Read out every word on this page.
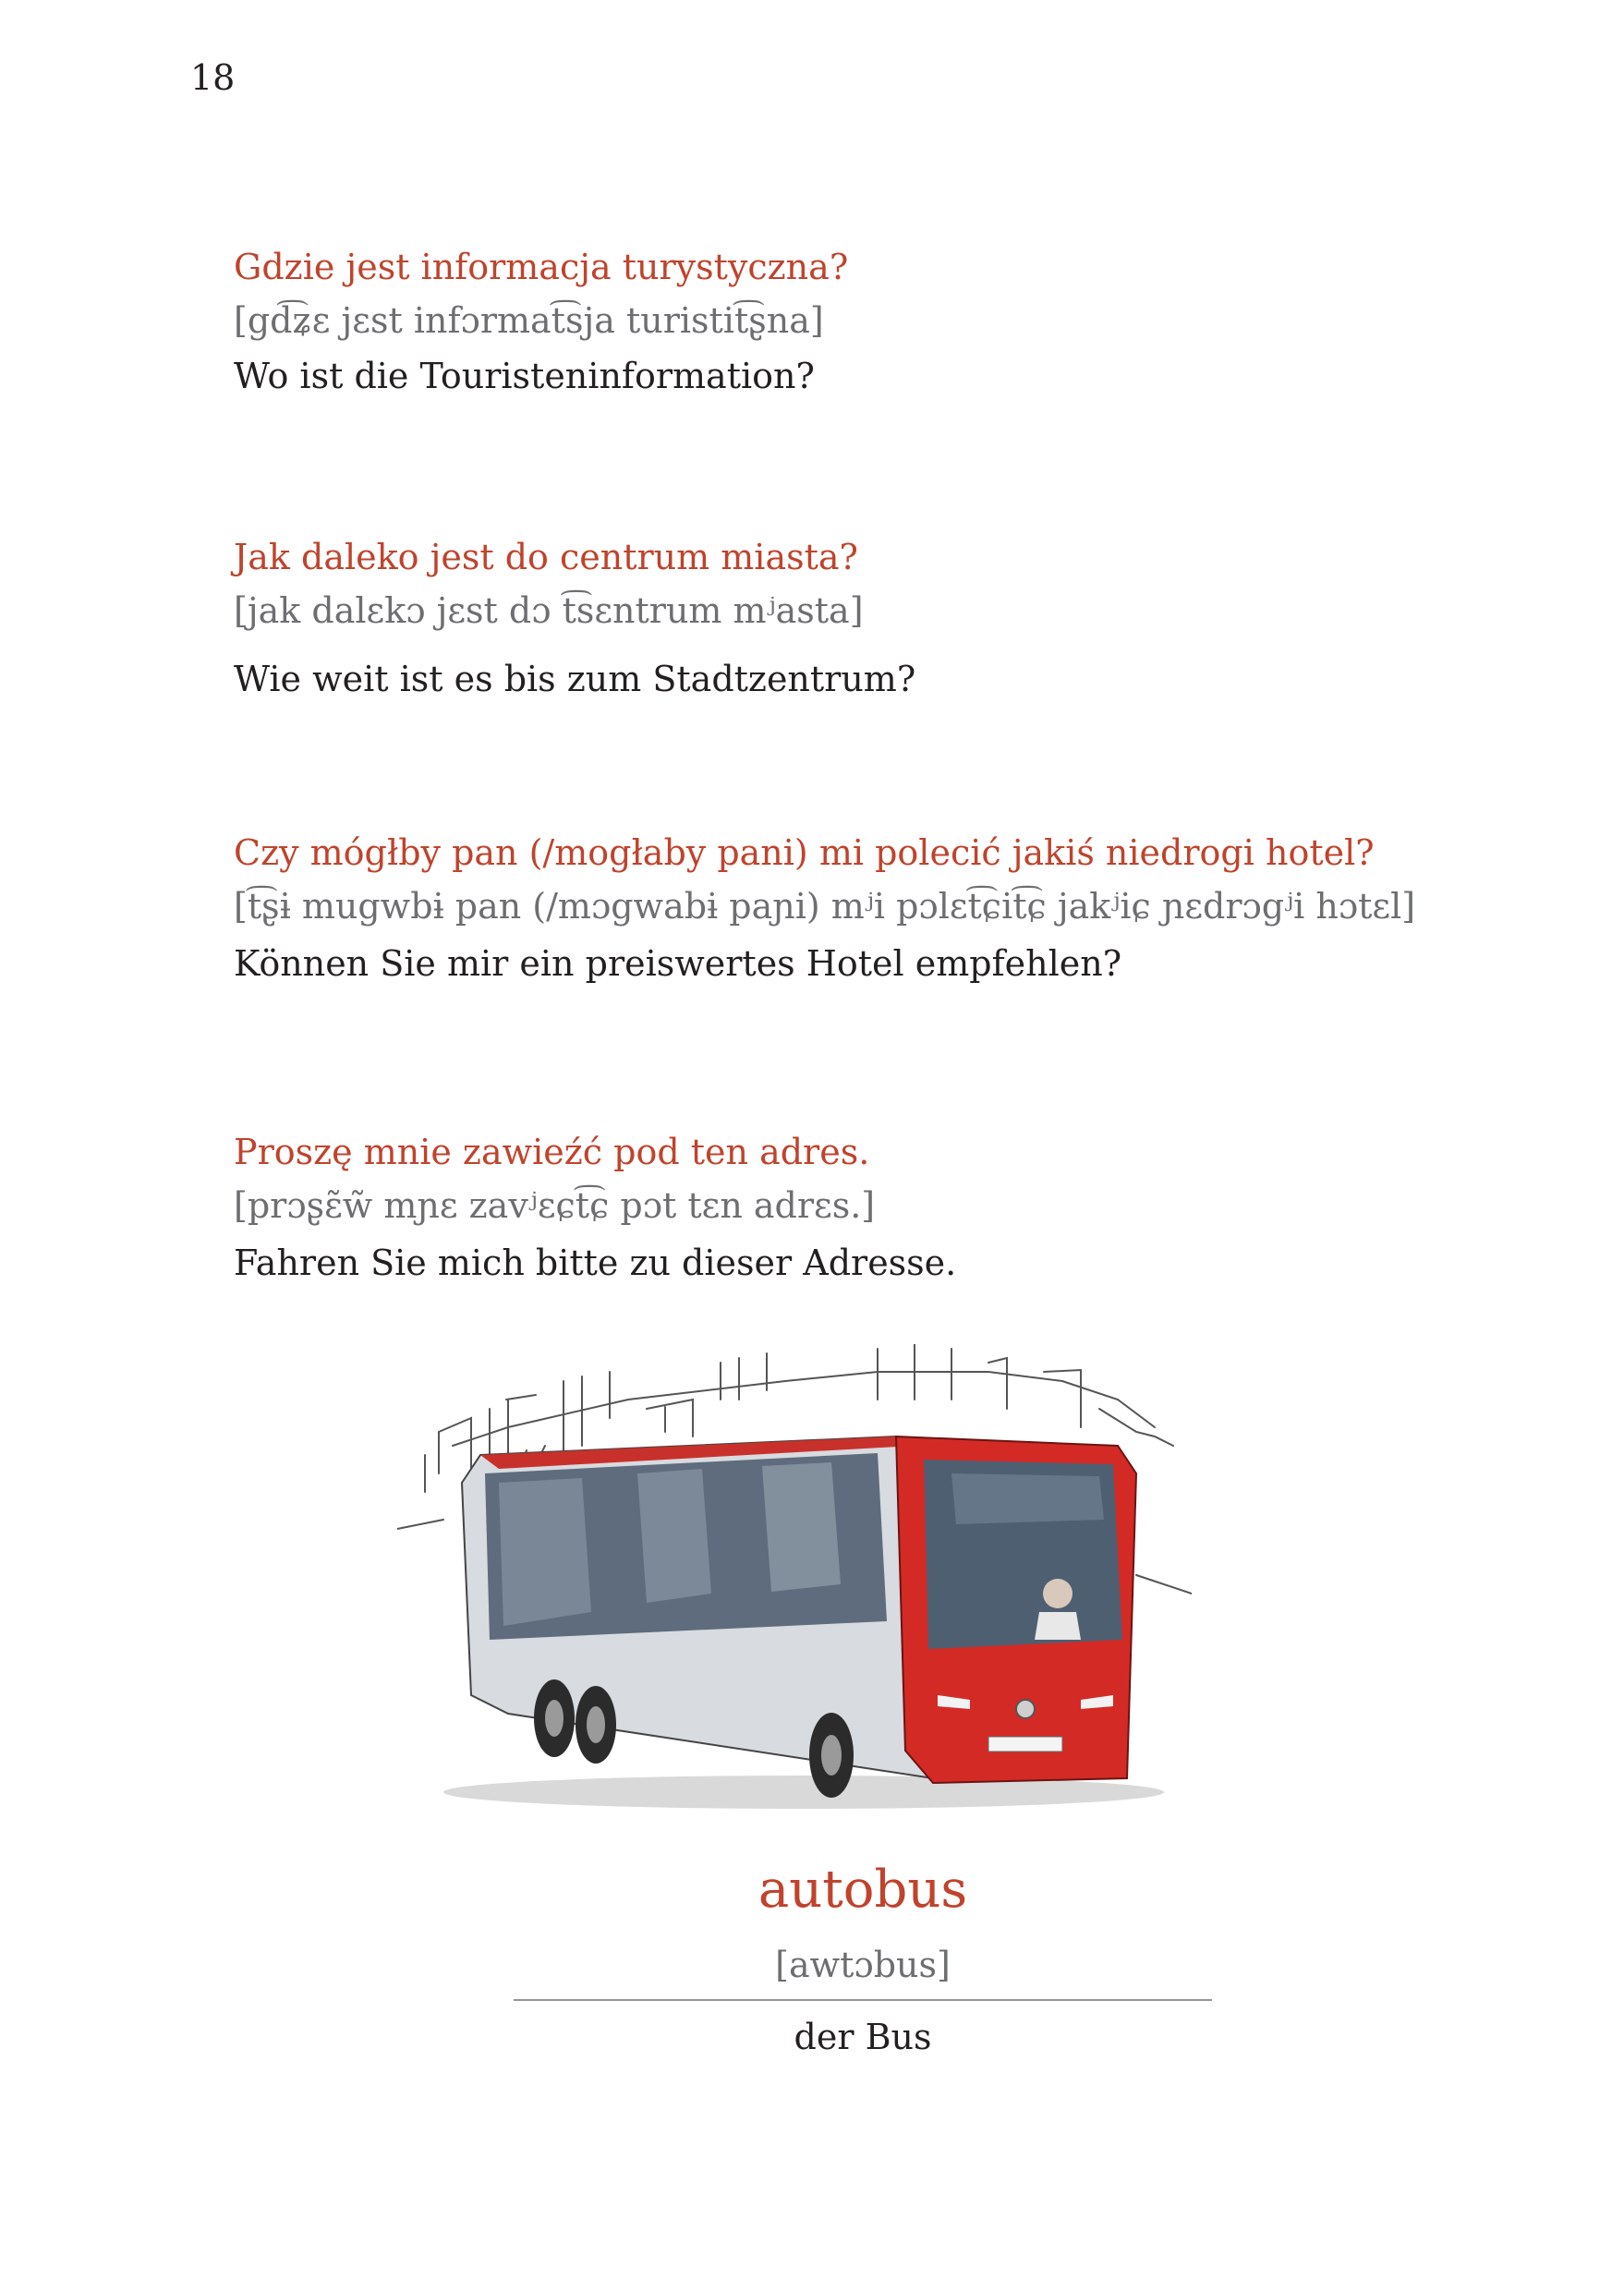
18
Gdzie jest informacja turystyczna?
[gd͡ʑɛ jɛst infɔrmat͡sja turistit͡ʂna]
Wo ist die Touristeninformation?
Jak daleko jest do centrum miasta?
[jak dalɛkɔ jɛst dɔ t͡sɛntrum mʲasta]
Wie weit ist es bis zum Stadtzentrum?
Czy mógłby pan (/mogłaby pani) mi polecić jakiś niedrogi hotel?
[t͡ʂɨ mugwbɨ pan (/mɔgwabɨ paɲi) mʲi pɔlɛt͡ɕit͡ɕ jakʲiɕ ɲɛdrɔgʲi hɔtɛl]
Können Sie mir ein preiswertes Hotel empfehlen?
Proszę mnie zawieźć pod ten adres.
[prɔʂɛ̃w̃ mɲɛ zavʲɛɕt͡ɕ pɔt tɛn adrɛs.]
Fahren Sie mich bitte zu dieser Adresse.
autobus
[awtɔbus]
der Bus
